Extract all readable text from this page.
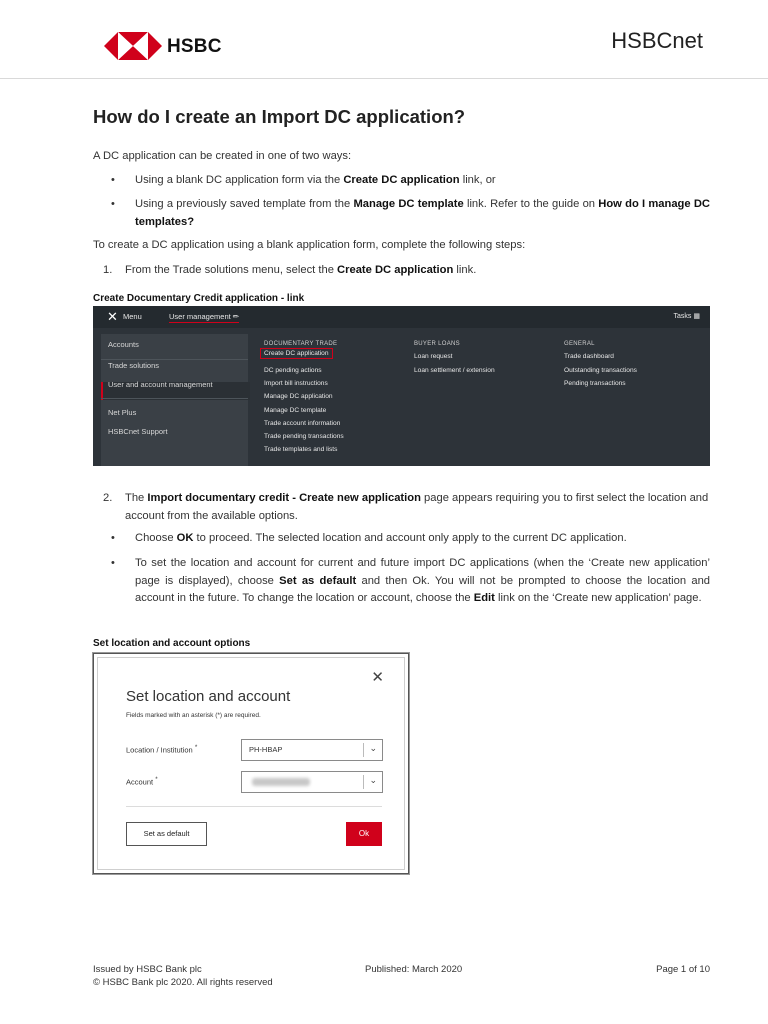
HSBC	HSBCnet
How do I create an Import DC application?
A DC application can be created in one of two ways:
• Using a blank DC application form via the Create DC application link, or
• Using a previously saved template from the Manage DC template link. Refer to the guide on How do I manage DC templates?
To create a DC application using a blank application form, complete the following steps:
1. From the Trade solutions menu, select the Create DC application link.
Create Documentary Credit application - link
✕ Menu	User management ✏	Tasks ▦
Accounts
Trade solutions
User and account management
Net Plus
HSBCnet Support
DOCUMENTARY TRADE
Create DC application
DC pending actions
Import bill instructions
Manage DC application
Manage DC template
Trade account information
Trade pending transactions
Trade templates and lists
BUYER LOANS
Loan request
Loan settlement / extension
GENERAL
Trade dashboard
Outstanding transactions
Pending transactions
2. The Import documentary credit - Create new application page appears requiring you to first select the location and account from the available options.
• Choose OK to proceed. The selected location and account only apply to the current DC application.
• To set the location and account for current and future import DC applications (when the ‘Create new application’ page is displayed), choose Set as default and then Ok. You will not be prompted to choose the location and account in the future. To change the location or account, choose the Edit link on the ‘Create new application’ page.
Set location and account options
✕
Set location and account
Fields marked with an asterisk (*) are required.
Location / Institution *	PH-HBAP	⌄
Account *	⌄
Set as default	Ok
Issued by HSBC Bank plc
© HSBC Bank plc 2020. All rights reserved
Published: March 2020	Page 1 of 10
